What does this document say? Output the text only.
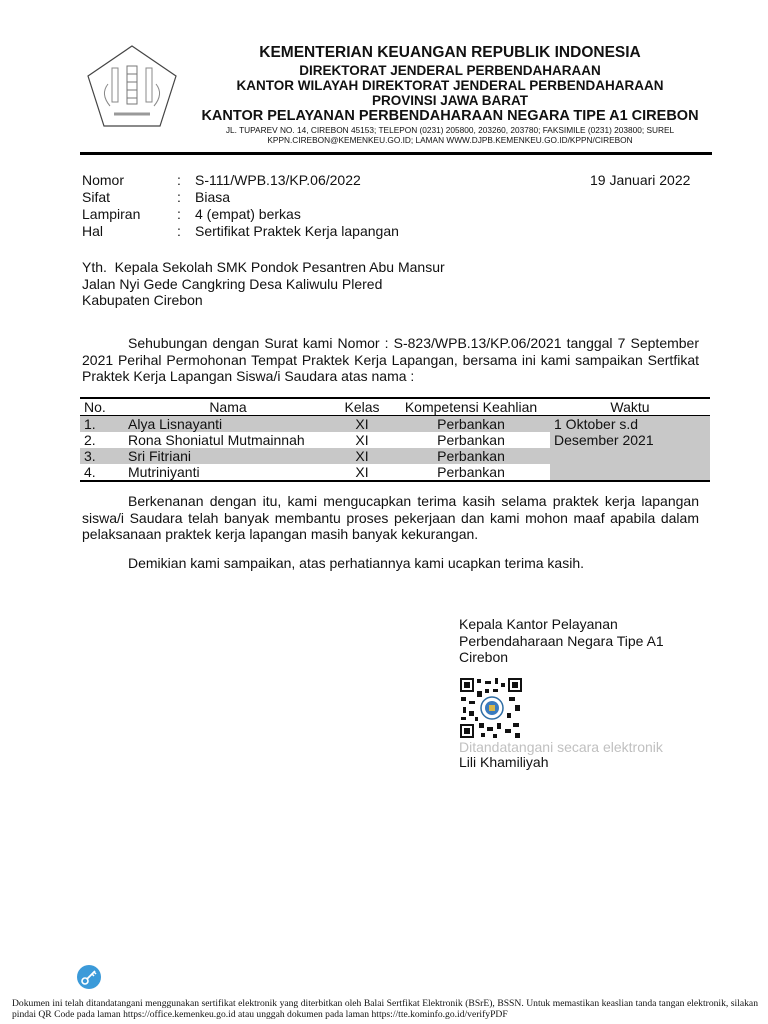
KEMENTERIAN KEUANGAN REPUBLIK INDONESIA
DIREKTORAT JENDERAL PERBENDAHARAAN
KANTOR WILAYAH DIREKTORAT JENDERAL PERBENDAHARAAN
PROVINSI JAWA BARAT
KANTOR PELAYANAN PERBENDAHARAAN NEGARA TIPE A1 CIREBON
JL. TUPAREV NO. 14, CIREBON 45153; TELEPON (0231) 205800, 203260, 203780; FAKSIMILE (0231) 203800; SUREL
KPPN.CIREBON@KEMENKEU.GO.ID; LAMAN WWW.DJPB.KEMENKEU.GO.ID/KPPN/CIREBON
19 Januari 2022
Nomor	: S-111/WPB.13/KP.06/2022
Sifat	: Biasa
Lampiran	: 4 (empat) berkas
Hal	: Sertifikat Praktek Kerja lapangan
Yth.  Kepala Sekolah SMK Pondok Pesantren Abu Mansur
Jalan Nyi Gede Cangkring Desa Kaliwulu Plered
Kabupaten Cirebon
Sehubungan dengan Surat kami Nomor : S-823/WPB.13/KP.06/2021 tanggal 7 September 2021 Perihal Permohonan Tempat Praktek Kerja Lapangan, bersama ini kami sampaikan Sertfikat Praktek Kerja Lapangan Siswa/i Saudara atas nama :
No.	Nama	Kelas	Kompetensi Keahlian	Waktu
1.	Alya Lisnayanti	XI	Perbankan	1 Oktober s.d Desember 2021
2.	Rona Shoniatul Mutmainnah	XI	Perbankan	
3.	Sri Fitriani	XI	Perbankan	
4.	Mutriniyanti	XI	Perbankan	
Berkenanan dengan itu, kami mengucapkan terima kasih selama praktek kerja lapangan siswa/i Saudara telah banyak membantu proses pekerjaan dan kami mohon maaf apabila dalam pelaksanaan praktek kerja lapangan masih banyak kekurangan.
Demikian kami sampaikan, atas perhatiannya kami ucapkan terima kasih.
Kepala Kantor Pelayanan
Perbendaharaan Negara Tipe A1
Cirebon
Ditandatangani secara elektronik
Lili Khamiliyah
Dokumen ini telah ditandatangani menggunakan sertifikat elektronik yang diterbitkan oleh Balai Sertfikat Elektronik (BSrE), BSSN. Untuk memastikan keaslian tanda tangan elektronik, silakan pindai QR Code pada laman https://office.kemenkeu.go.id atau unggah dokumen pada laman https://tte.kominfo.go.id/verifyPDF
